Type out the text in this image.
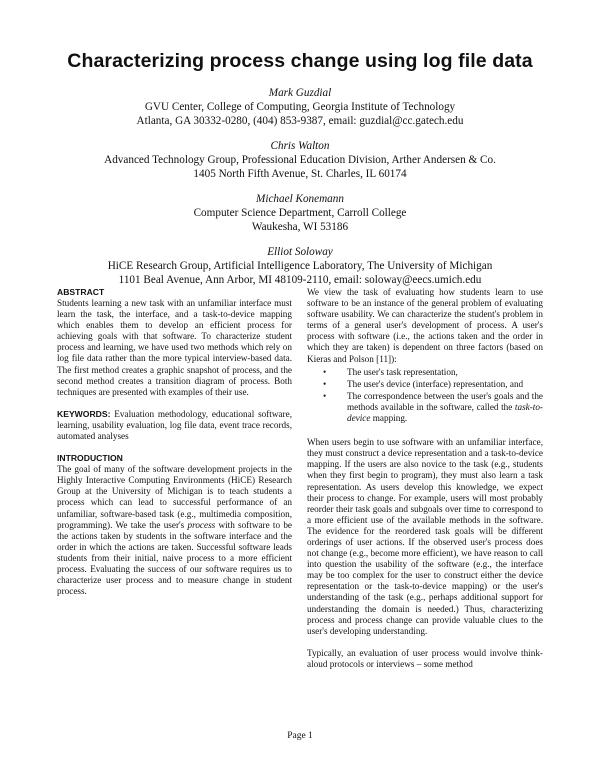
Characterizing process change using log file data
Mark Guzdial
GVU Center, College of Computing, Georgia Institute of Technology
Atlanta, GA 30332-0280, (404) 853-9387, email: guzdial@cc.gatech.edu
Chris Walton
Advanced Technology Group, Professional Education Division, Arther Andersen & Co.
1405 North Fifth Avenue, St. Charles, IL 60174
Michael Konemann
Computer Science Department, Carroll College
Waukesha, WI 53186
Elliot Soloway
HiCE Research Group, Artificial Intelligence Laboratory, The University of Michigan
1101 Beal Avenue, Ann Arbor, MI 48109-2110, email: soloway@eecs.umich.edu
ABSTRACT

Students learning a new task with an unfamiliar interface must learn the task, the interface, and a task-to-device mapping which enables them to develop an efficient process for achieving goals with that software. To characterize student process and learning, we have used two methods which rely on log file data rather than the more typical interview-based data. The first method creates a graphic snapshot of process, and the second method creates a transition diagram of process. Both techniques are presented with examples of their use.

KEYWORDS: Evaluation methodology, educational software, learning, usability evaluation, log file data, event trace records, automated analyses

INTRODUCTION

The goal of many of the software development projects in the Highly Interactive Computing Environments (HiCE) Research Group at the University of Michigan is to teach students a process which can lead to successful performance of an unfamiliar, software-based task (e.g., multimedia composition, programming). We take the user's process with software to be the actions taken by students in the software interface and the order in which the actions are taken. Successful software leads students from their initial, naive process to a more efficient process. Evaluating the success of our software requires us to characterize user process and to measure change in student process.

We view the task of evaluating how students learn to use software to be an instance of the general problem of evaluating software usability. We can characterize the student's problem in terms of a general user's development of process. A user's process with software (i.e., the actions taken and the order in which they are taken) is dependent on three factors (based on Kieras and Polson [11]):

• The user's task representation,
• The user's device (interface) representation, and
• The correspondence between the user's goals and the methods available in the software, called the task-to-device mapping.

When users begin to use software with an unfamiliar interface, they must construct a device representation and a task-to-device mapping. If the users are also novice to the task (e.g., students when they first begin to program), they must also learn a task representation. As users develop this knowledge, we expect their process to change. For example, users will most probably reorder their task goals and subgoals over time to correspond to a more efficient use of the available methods in the software. The evidence for the reordered task goals will be different orderings of user actions. If the observed user's process does not change (e.g., become more efficient), we have reason to call into question the usability of the software (e.g., the interface may be too complex for the user to construct either the device representation or the task-to-device mapping) or the user's understanding of the task (e.g., perhaps additional support for understanding the domain is needed.) Thus, characterizing process and process change can provide valuable clues to the user's developing understanding.

Typically, an evaluation of user process would involve think-aloud protocols or interviews – some method

Page 1
